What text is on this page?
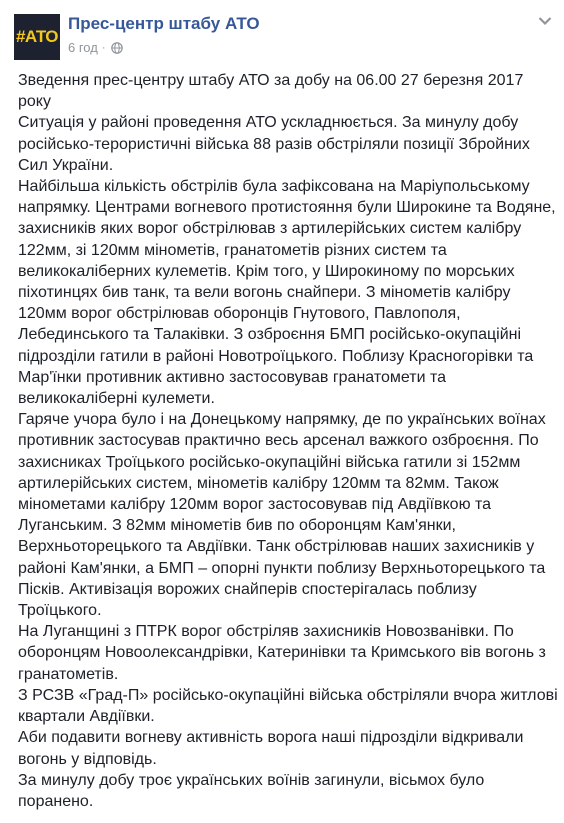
#АТО
Прес-центр штабу АТО
6 год ·

Зведення прес-центру штабу АТО за добу на 06.00 27 березня 2017 року

Ситуація у районі проведення АТО ускладнюється. За минулу добу російсько-терористичні війська 88 разів обстріляли позиції Збройних Сил України.

Найбільша кількість обстрілів була зафіксована на Маріупольському напрямку. Центрами вогневого протистояння були Широкине та Водяне, захисників яких ворог обстрілював з артилерійських систем калібру 122мм, зі 120мм мінометів, гранатометів різних систем та великокаліберних кулеметів. Крім того, у Широкиному по морських піхотинцях бив танк, та вели вогонь снайпери. З мінометів калібру 120мм ворог обстрілював оборонців Гнутового, Павлополя, Лебединського та Талаківки. З озброєння БМП російсько-окупаційні підрозділи гатили в районі Новотроїцького. Поблизу Красногорівки та Мар'їнки противник активно застосовував гранатомети та великокаліберні кулемети.

Гаряче учора було і на Донецькому напрямку, де по українських воїнах противник застосував практично весь арсенал важкого озброєння. По захисниках Троїцького російсько-окупаційні війська гатили зі 152мм артилерійських систем, мінометів калібру 120мм та 82мм. Також мінометами калібру 120мм ворог застосовував під Авдіївкою та Луганським. З 82мм мінометів бив по оборонцям Кам'янки, Верхньоторецького та Авдіївки. Танк обстрілював наших захисників у районі Кам'янки, а БМП – опорні пункти поблизу Верхньоторецького та Пісків. Активізація ворожих снайперів спостерігалась поблизу Троїцького.

На Луганщині з ПТРК ворог обстріляв захисників Новозванівки. По оборонцям Новоолександрівки, Катеринівки та Кримського вів вогонь з гранатометів.

З РСЗВ «Град-П» російсько-окупаційні війська обстріляли вчора житлові квартали Авдіївки.

Аби подавити вогневу активність ворога наші підрозділи відкривали вогонь у відповідь.

За минулу добу троє українських воїнів загинули, вісьмох було поранено.
